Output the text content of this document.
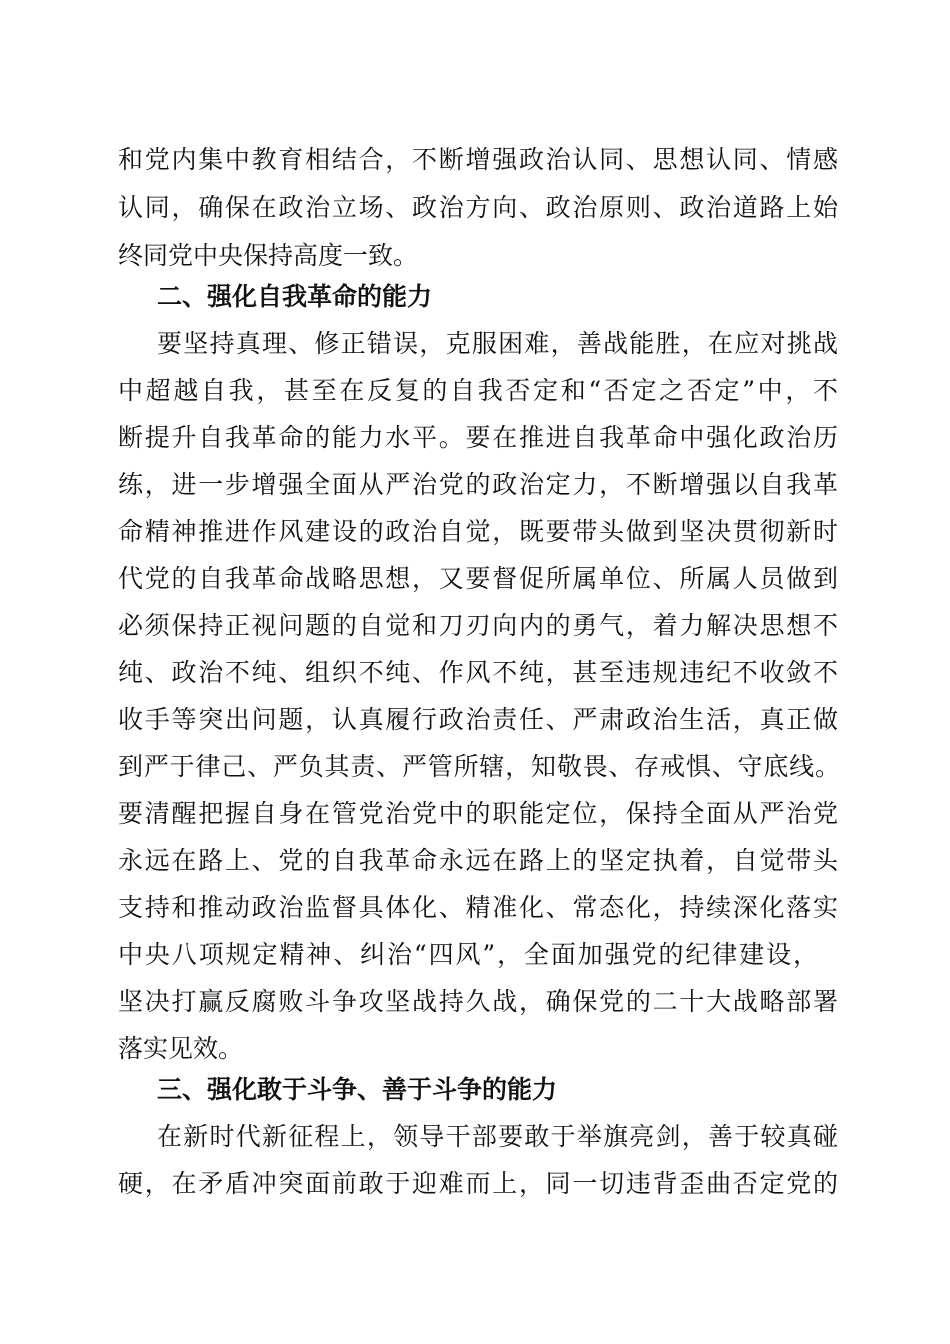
和党内集中教育相结合，不断增强政治认同、思想认同、情感
认同，确保在政治立场、政治方向、政治原则、政治道路上始
终同党中央保持高度一致。
二、强化自我革命的能力
要坚持真理、修正错误，克服困难，善战能胜，在应对挑战
中超越自我，甚至在反复的自我否定和“否定之否定”中，不
断提升自我革命的能力水平。要在推进自我革命中强化政治历
练，进一步增强全面从严治党的政治定力，不断增强以自我革
命精神推进作风建设的政治自觉，既要带头做到坚决贯彻新时
代党的自我革命战略思想，又要督促所属单位、所属人员做到
必须保持正视问题的自觉和刀刃向内的勇气，着力解决思想不
纯、政治不纯、组织不纯、作风不纯，甚至违规违纪不收敛不
收手等突出问题，认真履行政治责任、严肃政治生活，真正做
到严于律己、严负其责、严管所辖，知敬畏、存戒惧、守底线。
要清醒把握自身在管党治党中的职能定位，保持全面从严治党
永远在路上、党的自我革命永远在路上的坚定执着，自觉带头
支持和推动政治监督具体化、精准化、常态化，持续深化落实
中央八项规定精神、纠治“四风”，全面加强党的纪律建设，
坚决打赢反腐败斗争攻坚战持久战，确保党的二十大战略部署
落实见效。
三、强化敢于斗争、善于斗争的能力
在新时代新征程上，领导干部要敢于举旗亮剑，善于较真碰
硬，在矛盾冲突面前敢于迎难而上，同一切违背歪曲否定党的
